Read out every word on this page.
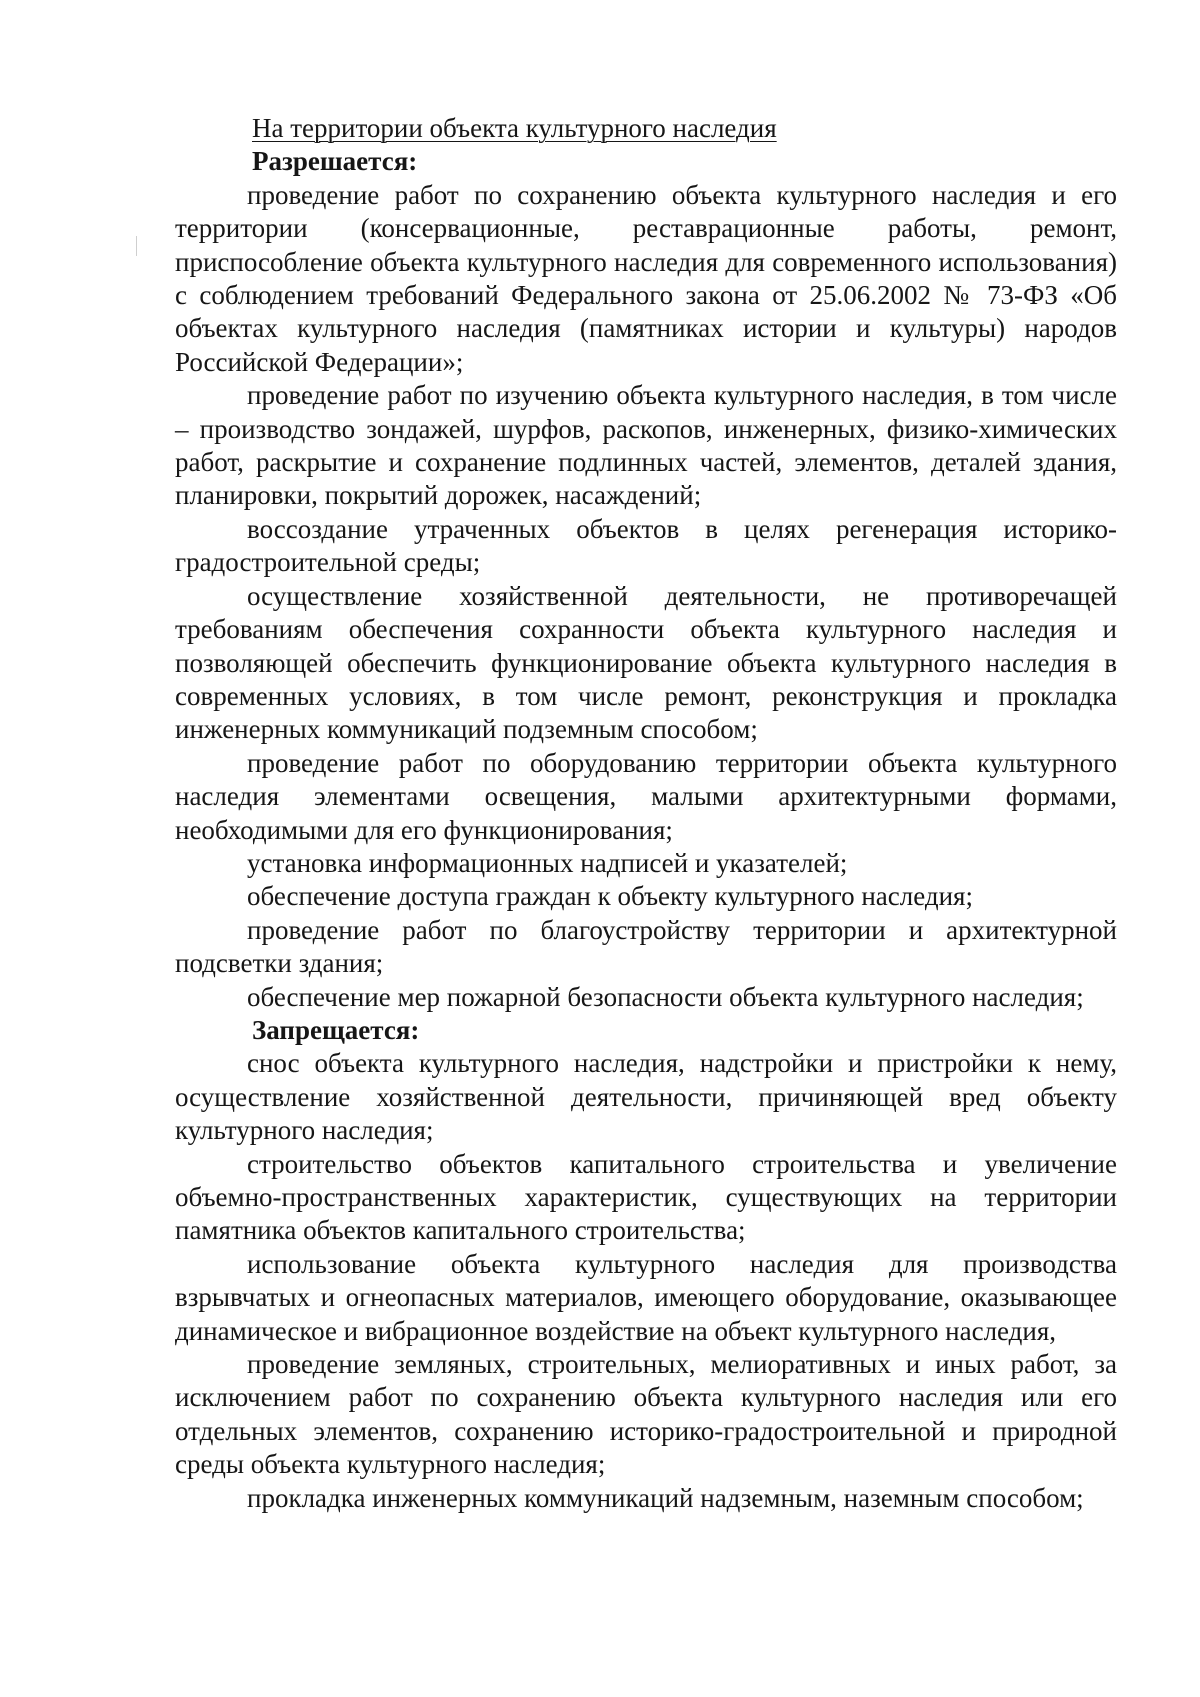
На территории объекта культурного наследия

Разрешается:

проведение работ по сохранению объекта культурного наследия и его территории (консервационные, реставрационные работы, ремонт, приспособление объекта культурного наследия для современного использования) с соблюдением требований Федерального закона от 25.06.2002 № 73-ФЗ «Об объектах культурного наследия (памятниках истории и культуры) народов Российской Федерации»;

проведение работ по изучению объекта культурного наследия, в том числе – производство зондажей, шурфов, раскопов, инженерных, физико-химических работ, раскрытие и сохранение подлинных частей, элементов, деталей здания, планировки, покрытий дорожек, насаждений;

воссоздание утраченных объектов в целях регенерация историко-градостроительной среды;

осуществление хозяйственной деятельности, не противоречащей требованиям обеспечения сохранности объекта культурного наследия и позволяющей обеспечить функционирование объекта культурного наследия в современных условиях, в том числе ремонт, реконструкция и прокладка инженерных коммуникаций подземным способом;

проведение работ по оборудованию территории объекта культурного наследия элементами освещения, малыми архитектурными формами, необходимыми для его функционирования;

установка информационных надписей и указателей;

обеспечение доступа граждан к объекту культурного наследия;

проведение работ по благоустройству территории и архитектурной подсветки здания;

обеспечение мер пожарной безопасности объекта культурного наследия;

Запрещается:

снос объекта культурного наследия, надстройки и пристройки к нему, осуществление хозяйственной деятельности, причиняющей вред объекту культурного наследия;

строительство объектов капитального строительства и увеличение объемно-пространственных характеристик, существующих на территории памятника объектов капитального строительства;

использование объекта культурного наследия для производства взрывчатых и огнеопасных материалов, имеющего оборудование, оказывающее динамическое и вибрационное воздействие на объект культурного наследия,

проведение земляных, строительных, мелиоративных и иных работ, за исключением работ по сохранению объекта культурного наследия или его отдельных элементов, сохранению историко-градостроительной и природной среды объекта культурного наследия;

прокладка инженерных коммуникаций надземным, наземным способом;
